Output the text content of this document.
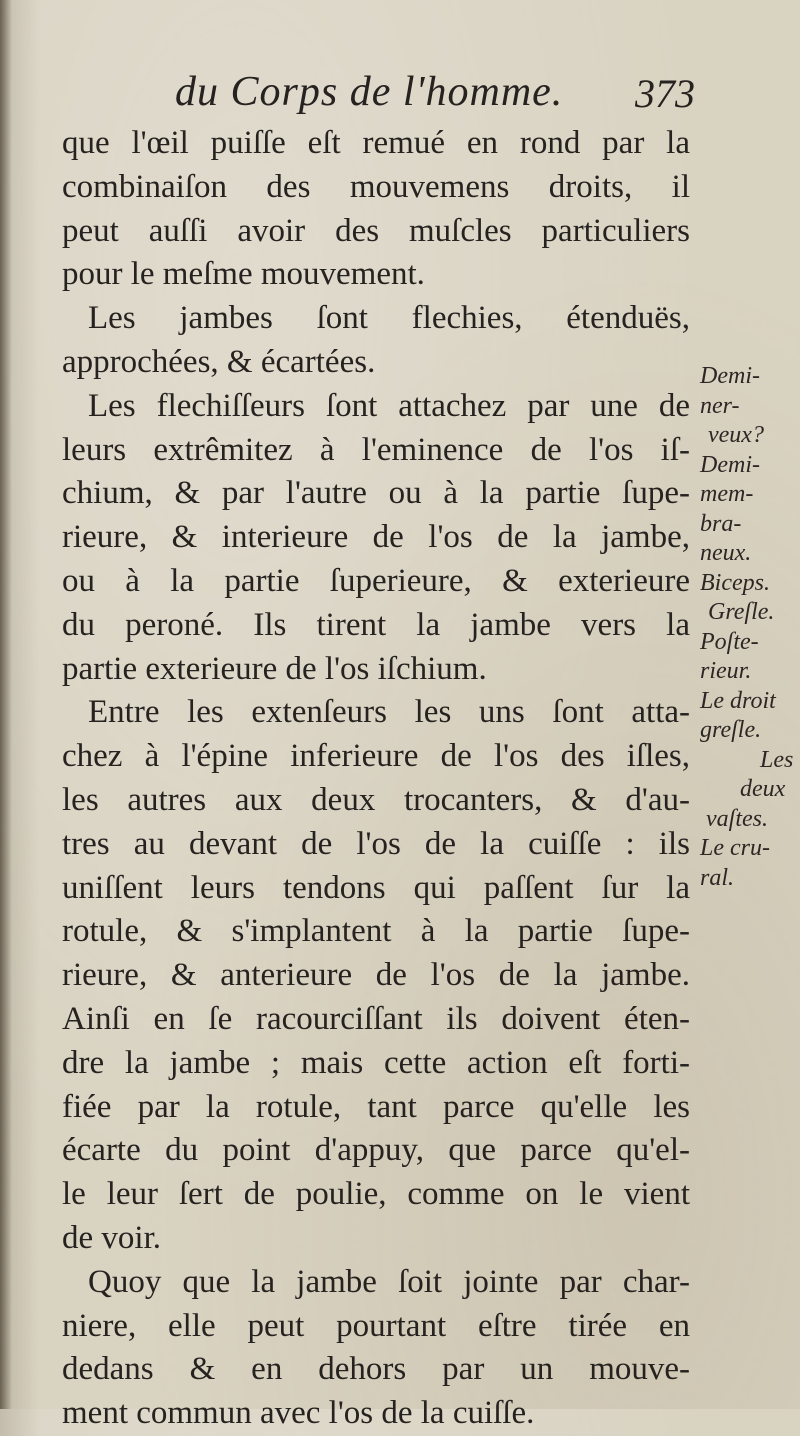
du Corps de l'homme. 373
que l'œil puiſſe eſt remué en rond par la
combinaiſon des mouvemens droits, il
peut auſſi avoir des muſcles particuliers
pour le meſme mouvement.
Les jambes ſont flechies, étenduës,
approchées, & écartées.
Les flechiſſeurs ſont attachez par une de
leurs extrêmitez à l'eminence de l'os iſ-
chium, & par l'autre ou à la partie ſupe-
rieure, & interieure de l'os de la jambe,
ou à la partie ſuperieure, & exterieure
du peroné. Ils tirent la jambe vers la
partie exterieure de l'os iſchium.
Entre les extenſeurs les uns ſont atta-
chez à l'épine inferieure de l'os des iſles,
les autres aux deux trocanters, & d'au-
tres au devant de l'os de la cuiſſe : ils
uniſſent leurs tendons qui paſſent ſur la
rotule, & s'implantent à la partie ſupe-
rieure, & anterieure de l'os de la jambe.
Ainſi en ſe racourciſſant ils doivent éten-
dre la jambe ; mais cette action eſt forti-
fiée par la rotule, tant parce qu'elle les
écarte du point d'appuy, que parce qu'el-
le leur ſert de poulie, comme on le vient
de voir.
Quoy que la jambe ſoit jointe par char-
niere, elle peut pourtant eſtre tirée en
dedans & en dehors par un mouve-
ment commun avec l'os de la cuiſſe.
Demi-
ner-
veux?
Demi-
mem-
bra-
neux.
Biceps.
Greſle.
Poſte-
rieur.
Le droit
greſle.
Les
deux
vaſtes.
Le cru-
ral.
